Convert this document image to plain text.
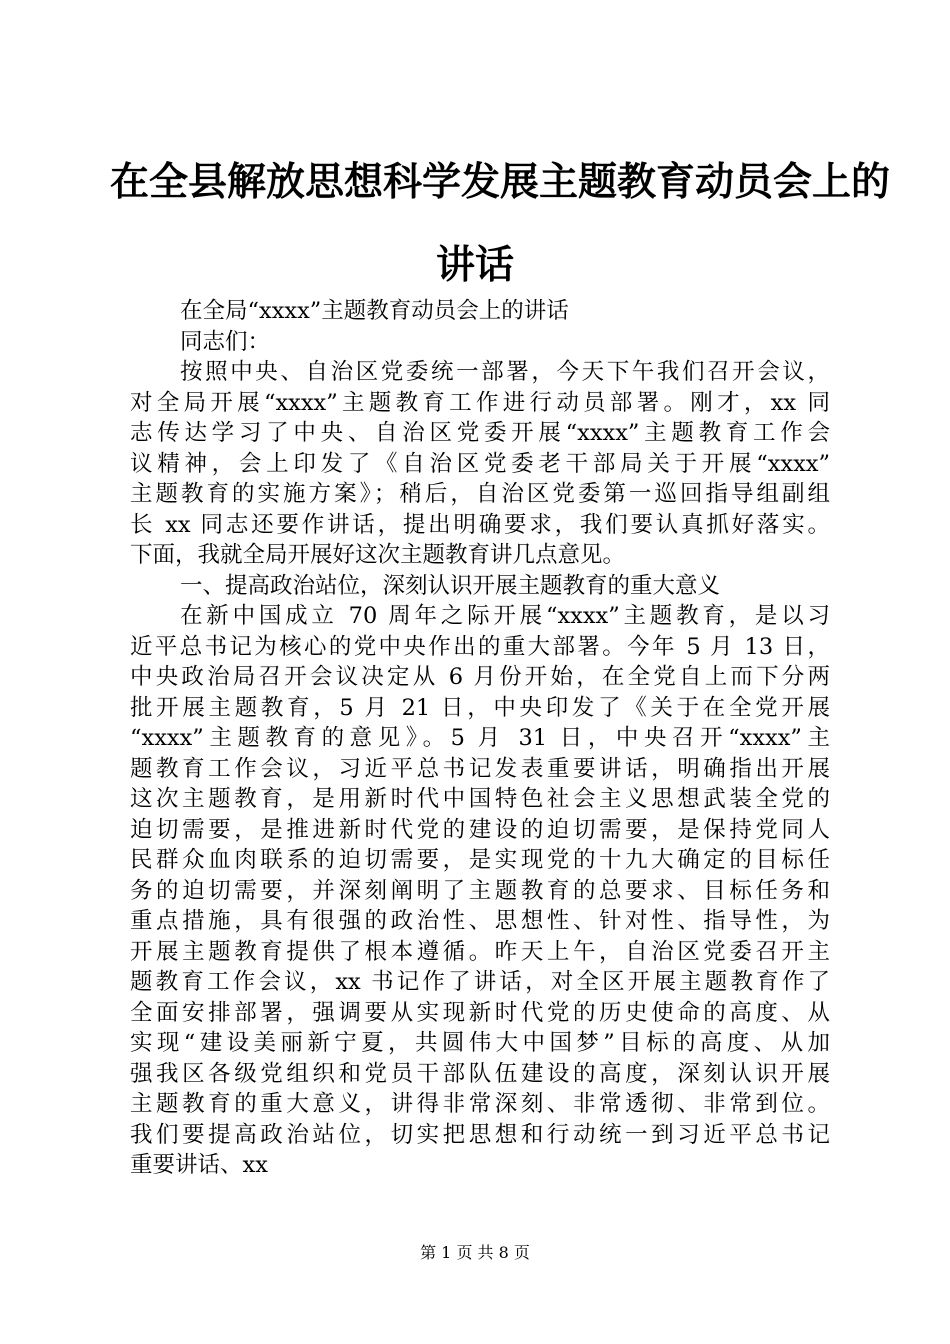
在全县解放思想科学发展主题教育动员会上的
讲话
在全局“xxxx”主题教育动员会上的讲话
同志们：
按照中央、自治区党委统一部署，今天下午我们召开会议，
对全局开展“xxxx”主题教育工作进行动员部署。刚才，xx 同
志传达学习了中央、自治区党委开展“xxxx”主题教育工作会
议精神，会上印发了《自治区党委老干部局关于开展“xxxx”
主题教育的实施方案》；稍后，自治区党委第一巡回指导组副组
长 xx 同志还要作讲话，提出明确要求，我们要认真抓好落实。
下面，我就全局开展好这次主题教育讲几点意见。
一、提高政治站位，深刻认识开展主题教育的重大意义
在新中国成立 70 周年之际开展“xxxx”主题教育，是以习
近平总书记为核心的党中央作出的重大部署。今年 5 月 13 日，
中央政治局召开会议决定从 6 月份开始，在全党自上而下分两
批开展主题教育，5 月 21 日，中央印发了《关于在全党开展
“xxxx”主题教育的意见》。5 月 31 日，中央召开“xxxx”主
题教育工作会议，习近平总书记发表重要讲话，明确指出开展
这次主题教育，是用新时代中国特色社会主义思想武装全党的
迫切需要，是推进新时代党的建设的迫切需要，是保持党同人
民群众血肉联系的迫切需要，是实现党的十九大确定的目标任
务的迫切需要，并深刻阐明了主题教育的总要求、目标任务和
重点措施，具有很强的政治性、思想性、针对性、指导性，为
开展主题教育提供了根本遵循。昨天上午，自治区党委召开主
题教育工作会议，xx 书记作了讲话，对全区开展主题教育作了
全面安排部署，强调要从实现新时代党的历史使命的高度、从
实现“建设美丽新宁夏，共圆伟大中国梦”目标的高度、从加
强我区各级党组织和党员干部队伍建设的高度，深刻认识开展
主题教育的重大意义，讲得非常深刻、非常透彻、非常到位。
我们要提高政治站位，切实把思想和行动统一到习近平总书记
重要讲话、xx
第 1 页 共 8 页
